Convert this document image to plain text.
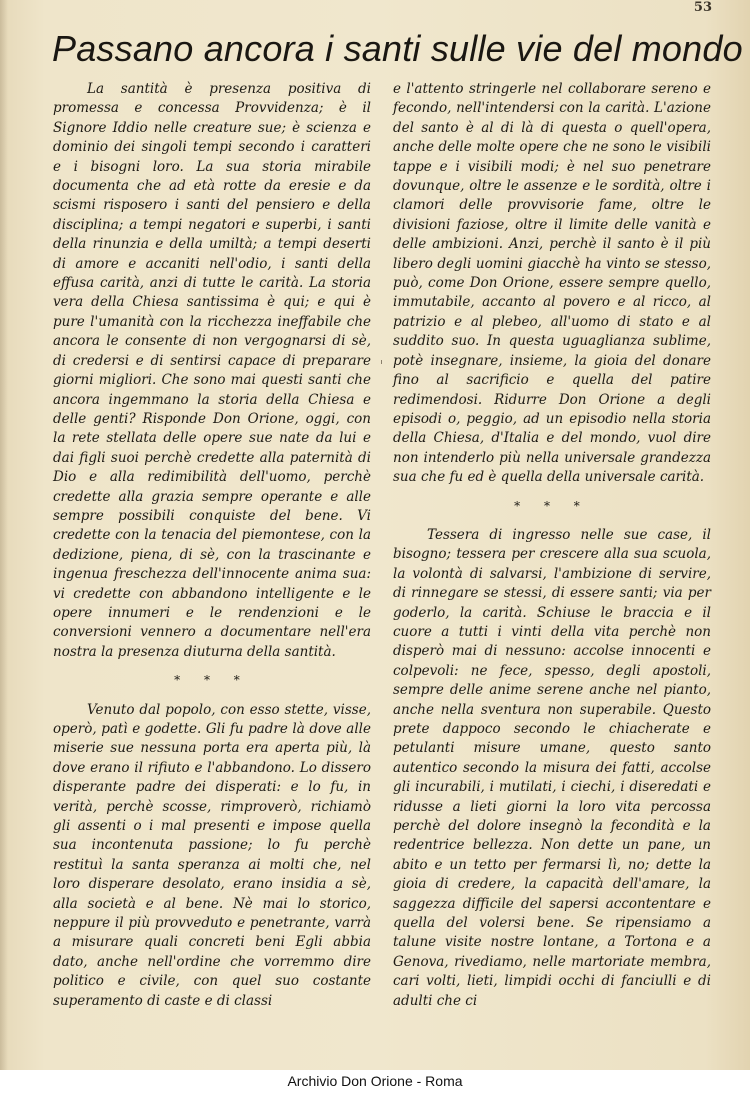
53
Passano ancora i santi sulle vie del mondo

La santità è presenza positiva di promessa e concessa Provvidenza; è il Signore Iddio nelle creature sue; è scienza e dominio dei singoli tempi secondo i caratteri e i bisogni loro. La sua storia mirabile documenta che ad età rotte da eresie e da scismi risposero i santi del pensiero e della disciplina; a tempi negatori e superbi, i santi della rinunzia e della umiltà; a tempi deserti di amore e accaniti nell'odio, i santi della effusa carità, anzi di tutte le carità. La storia vera della Chiesa santissima è qui; e qui è pure l'umanità con la ricchezza ineffabile che ancora le consente di non vergognarsi di sè, di credersi e di sentirsi capace di preparare giorni migliori. Che sono mai questi santi che ancora ingemmano la storia della Chiesa e delle genti? Risponde Don Orione, oggi, con la rete stellata delle opere sue nate da lui e dai figli suoi perchè credette alla paternità di Dio e alla redimibilità dell'uomo, perchè credette alla grazia sempre operante e alle sempre possibili conquiste del bene. Vi credette con la tenacia del piemontese, con la dedizione, piena, di sè, con la trascinante e ingenua freschezza dell'innocente anima sua: vi credette con abbandono intelligente e le opere innumeri e le rendenzioni e le conversioni vennero a documentare nell'era nostra la presenza diuturna della santità.

* * *

Venuto dal popolo, con esso stette, visse, operò, patì e godette. Gli fu padre là dove alle miserie sue nessuna porta era aperta più, là dove erano il rifiuto e l'abbandono. Lo dissero disperante padre dei disperati: e lo fu, in verità, perchè scosse, rimproverò, richiamò gli assenti o i mal presenti e impose quella sua incontenuta passione; lo fu perchè restituì la santa speranza ai molti che, nel loro disperare desolato, erano insidia a sè, alla società e al bene. Nè mai lo storico, neppure il più provveduto e penetrante, varrà a misurare quali concreti beni Egli abbia dato, anche nell'ordine che vorremmo dire politico e civile, con quel suo costante superamento di caste e di classi

e l'attento stringerle nel collaborare sereno e fecondo, nell'intendersi con la carità. L'azione del santo è al di là di questa o quell'opera, anche delle molte opere che ne sono le visibili tappe e i visibili modi; è nel suo penetrare dovunque, oltre le assenze e le sordità, oltre i clamori delle provvisorie fame, oltre le divisioni faziose, oltre il limite delle vanità e delle ambizioni. Anzi, perchè il santo è il più libero degli uomini giacchè ha vinto se stesso, può, come Don Orione, essere sempre quello, immutabile, accanto al povero e al ricco, al patrizio e al plebeo, all'uomo di stato e al suddito suo. In questa uguaglianza sublime, potè insegnare, insieme, la gioia del donare fino al sacrificio e quella del patire redimendosi. Ridurre Don Orione a degli episodi o, peggio, ad un episodio nella storia della Chiesa, d'Italia e del mondo, vuol dire non intenderlo più nella universale grandezza sua che fu ed è quella della universale carità.

* * *

Tessera di ingresso nelle sue case, il bisogno; tessera per crescere alla sua scuola, la volontà di salvarsi, l'ambizione di servire, di rinnegare se stessi, di essere santi; via per goderlo, la carità. Schiuse le braccia e il cuore a tutti i vinti della vita perchè non disperò mai di nessuno: accolse innocenti e colpevoli: ne fece, spesso, degli apostoli, sempre delle anime serene anche nel pianto, anche nella sventura non superabile. Questo prete dappoco secondo le chiacherate e petulanti misure umane, questo santo autentico secondo la misura dei fatti, accolse gli incurabili, i mutilati, i ciechi, i diseredati e ridusse a lieti giorni la loro vita percossa perchè del dolore insegnò la fecondità e la redentrice bellezza. Non dette un pane, un abito e un tetto per fermarsi lì, no; dette la gioia di credere, la capacità dell'amare, la saggezza difficile del sapersi accontentare e quella del volersi bene. Se ripensiamo a talune visite nostre lontane, a Tortona e a Genova, rivediamo, nelle martoriate membra, cari volti, lieti, limpidi occhi di fanciulli e di adulti che ci

Archivio Don Orione - Roma
